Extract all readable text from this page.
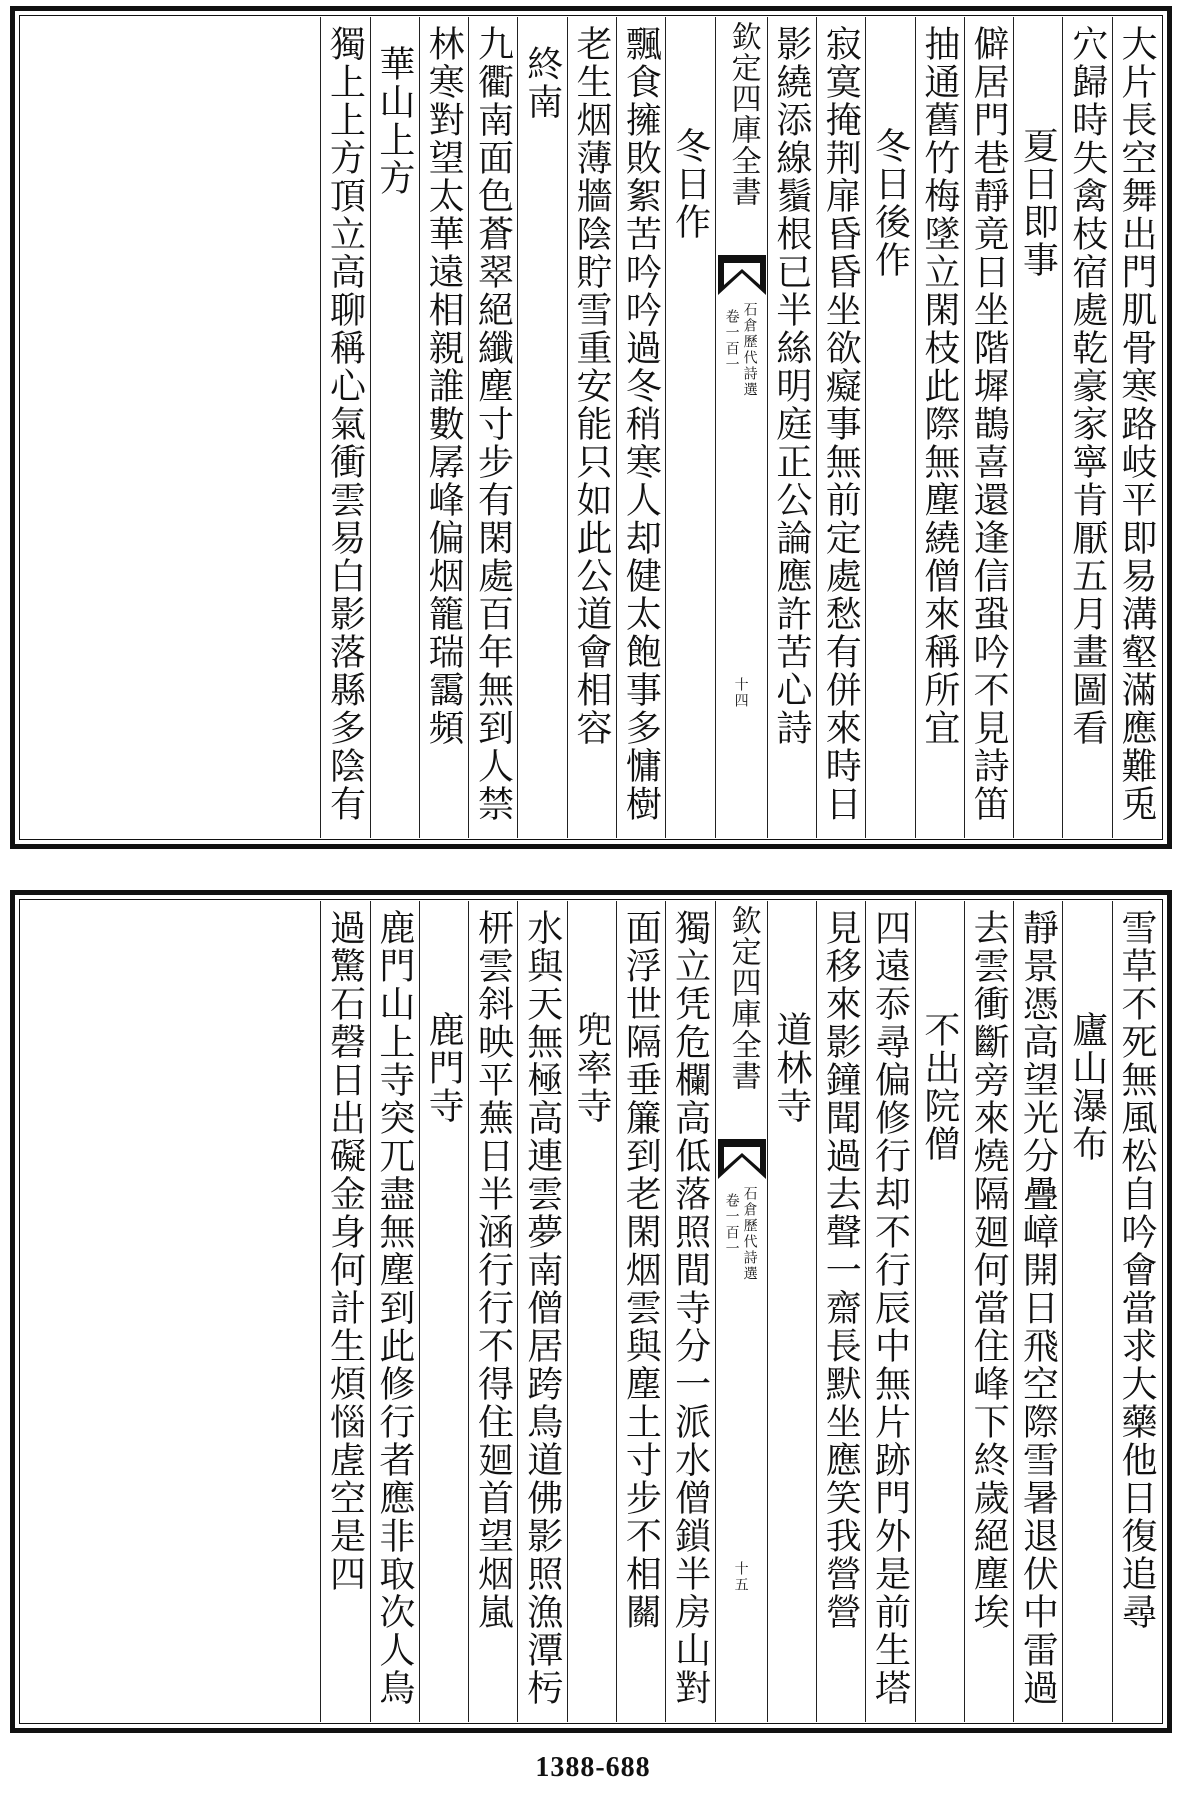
大片長空舞出門肌骨寒路岐平即易溝壑滿應難兎
穴歸時失禽枝宿處乾豪家寧肯厭五月畫圖看
夏日即事
僻居門巷靜竟日坐階墀鵲喜還逢信蛩吟不見詩笛
抽通舊竹梅墜立閑枝此際無塵繞僧來稱所宜
冬日後作
寂寞掩荆扉昏昏坐欲癡事無前定處愁有併來時日
影繞添線鬚根已半絲明庭正公論應許苦心詩
欽定四庫全書
石倉歷代詩選
卷一百一
十四
冬日作
飄食擁敗絮苦吟吟過冬稍寒人却健太飽事多慵樹
老生烟薄牆陰貯雪重安能只如此公道會相容
終南
九衢南面色蒼翠絕纖塵寸步有閑處百年無到人禁
林寒對望太華遠相親誰數孱峰偏烟籠瑞靄頻
華山上方
獨上上方頂立高聊稱心氣衝雲易白影落縣多陰有
雪草不死無風松自吟會當求大藥他日復追尋
廬山瀑布
靜景憑高望光分疊嶂開日飛空際雪暑退伏中雷過
去雲衝斷旁來燒隔廻何當住峰下終歲絕塵埃
不出院僧
四遠忝尋偏修行却不行辰中無片跡門外是前生塔
見移來影鐘聞過去聲一齋長默坐應笑我營營
道林寺
欽定四庫全書
石倉歷代詩選
卷一百一
十五
獨立凭危欄高低落照間寺分一派水僧鎖半房山對
面浮世隔垂簾到老閑烟雲與塵土寸步不相關
兜率寺
水與天無極高連雲夢南僧居跨鳥道佛影照漁潭杇
枅雲斜映平蕪日半涵行行不得住廻首望烟嵐
鹿門寺
鹿門山上寺突兀盡無塵到此修行者應非取次人鳥
過驚石磬日出礙金身何計生煩惱虗空是四
1388-688
